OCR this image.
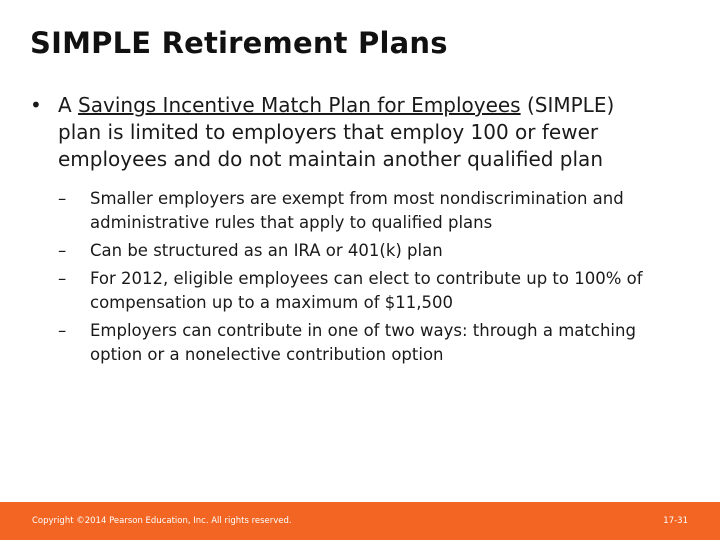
SIMPLE Retirement Plans
• A Savings Incentive Match Plan for Employees (SIMPLE) plan is limited to employers that employ 100 or fewer employees and do not maintain another qualified plan
–	Smaller employers are exempt from most nondiscrimination and administrative rules that apply to qualified plans
–	Can be structured as an IRA or 401(k) plan
–	For 2012, eligible employees can elect to contribute up to 100% of compensation up to a maximum of $11,500
–	Employers can contribute in one of two ways: through a matching option or a nonelective contribution option
Copyright ©2014 Pearson Education, Inc. All rights reserved.	17-31
